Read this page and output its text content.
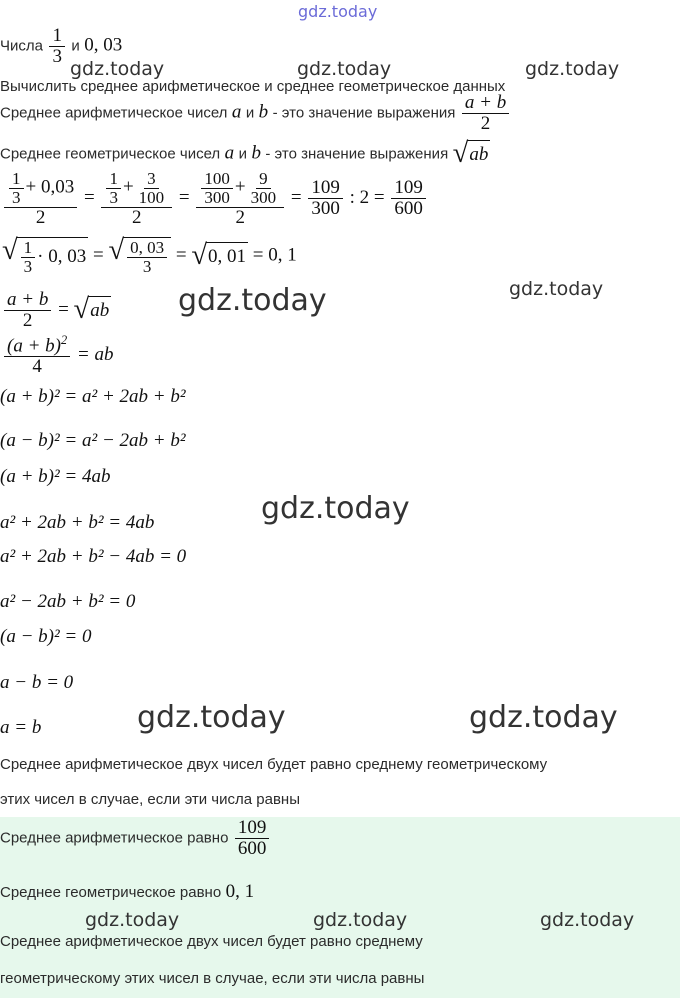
gdz.today
gdz.today	gdz.today	gdz.today
gdz.today	gdz.today
gdz.today
gdz.today	gdz.today
gdz.today	gdz.today	gdz.today
Числа $\frac{1}{3}$ и 0, 03
Вычислить среднее арифметическое и среднее геометрическое данных
Среднее арифметическое чисел a и b - это значение выражения $\frac{a + b}{2}$
Среднее геометрическое чисел a и b - это значение выражения √ ab
$\frac{\frac{1}{3} + 0,03}{2} = \frac{\frac{1}{3} + \frac{3}{100}}{2} = \frac{\frac{100}{300} + \frac{9}{300}}{2} = \frac{109}{300}$ : $2 = \frac{109}{600}$
√ $\frac{1}{3} \cdot 0$, 03 = √ $\frac{0, 03}{3}$ = √ 0, 01 = 0, 1
$\frac{a + b}{2}$ = √ ab
$\frac{(a + b)^2}{4}$ = ab
(a + b)² = a² + 2ab + b²
(a − b)² = a² − 2ab + b²
(a + b)² = 4ab
a² + 2ab + b² = 4ab
a² + 2ab + b² − 4ab = 0
a² − 2ab + b² = 0
(a − b)² = 0
a − b = 0
a = b
Среднее арифметическое двух чисел будет равно среднему геометрическому
этих чисел в случае, если эти числа равны
Среднее арифметическое равно $\frac{109}{600}$
Среднее геометрическое равно 0, 1
Среднее арифметическое двух чисел будет равно среднему
геометрическому этих чисел в случае, если эти числа равны
